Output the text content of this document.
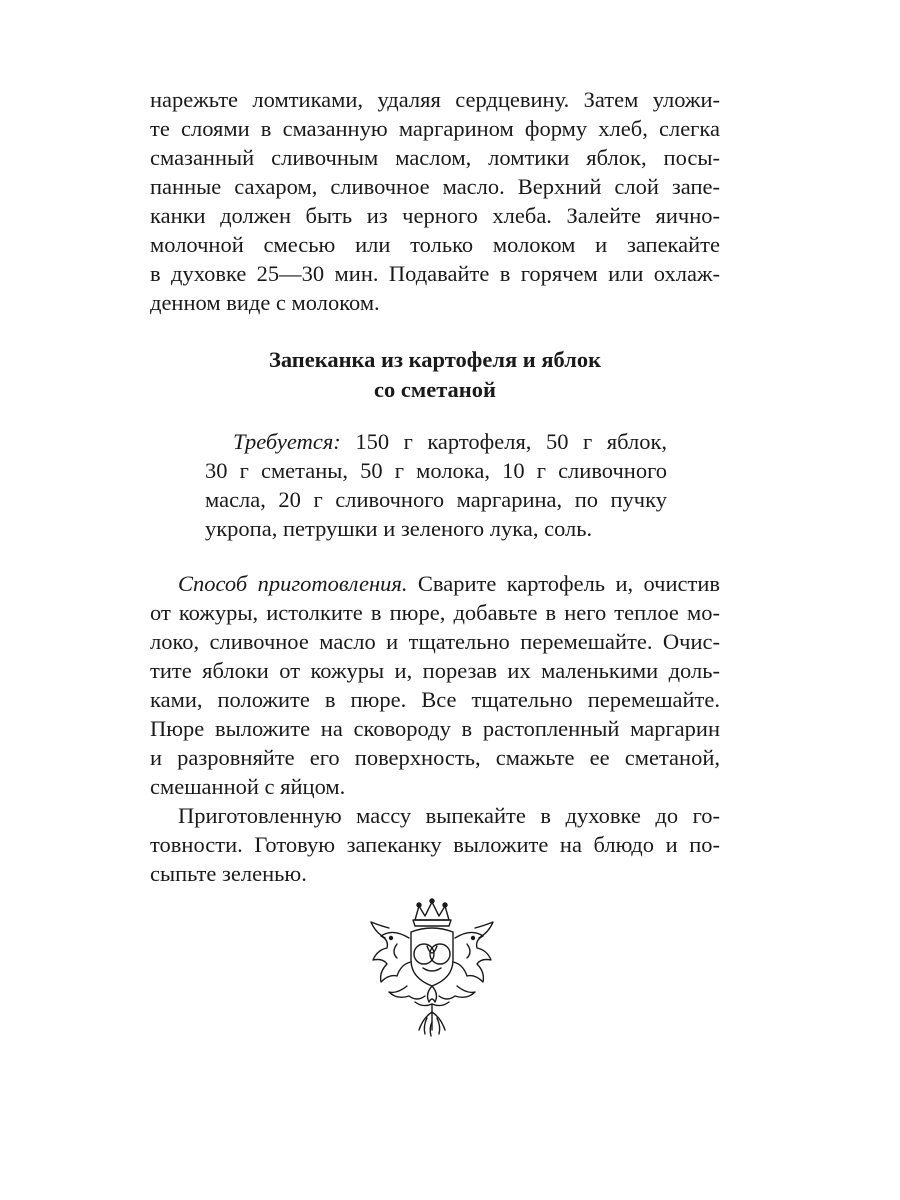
нарежьте ломтиками, удаляя сердцевину. Затем уложи-
те слоями в смазанную маргарином форму хлеб, слегка
смазанный сливочным маслом, ломтики яблок, посы-
панные сахаром, сливочное масло. Верхний слой запе-
канки должен быть из черного хлеба. Залейте яично-
молочной смесью или только молоком и запекайте
в духовке 25—30 мин. Подавайте в горячем или охлаж-
денном виде с молоком.
Запеканка из картофеля и яблок
со сметаной
Требуется: 150 г картофеля, 50 г яблок,
30 г сметаны, 50 г молока, 10 г сливочного
масла, 20 г сливочного маргарина, по пучку
укропа, петрушки и зеленого лука, соль.
Способ приготовления. Сварите картофель и, очистив
от кожуры, истолките в пюре, добавьте в него теплое мо-
локо, сливочное масло и тщательно перемешайте. Очис-
тите яблоки от кожуры и, порезав их маленькими доль-
ками, положите в пюре. Все тщательно перемешайте.
Пюре выложите на сковороду в растопленный маргарин
и разровняйте его поверхность, смажьте ее сметаной,
смешанной с яйцом.
Приготовленную массу выпекайте в духовке до го-
товности. Готовую запеканку выложите на блюдо и по-
сыпьте зеленью.
